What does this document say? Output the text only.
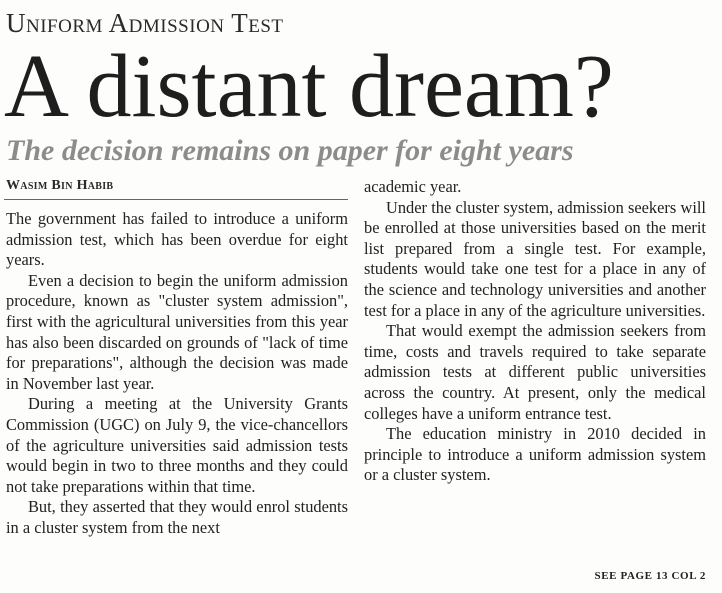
Uniform Admission Test
A distant dream?
The decision remains on paper for eight years
Wasim Bin Habib

The government has failed to introduce a uniform admission test, which has been overdue for eight years.

Even a decision to begin the uniform admission procedure, known as "cluster system admission", first with the agricultural universities from this year has also been discarded on grounds of "lack of time for preparations", although the decision was made in November last year.

During a meeting at the University Grants Commission (UGC) on July 9, the vice-chancellors of the agriculture universities said admission tests would begin in two to three months and they could not take preparations within that time.

But, they asserted that they would enrol students in a cluster system from the next

academic year.

Under the cluster system, admission seekers will be enrolled at those universities based on the merit list prepared from a single test. For example, students would take one test for a place in any of the science and technology universities and another test for a place in any of the agriculture universities.

That would exempt the admission seekers from time, costs and travels required to take separate admission tests at different public universities across the country. At present, only the medical colleges have a uniform entrance test.

The education ministry in 2010 decided in principle to introduce a uniform admission system or a cluster system.

SEE PAGE 13 COL 2
